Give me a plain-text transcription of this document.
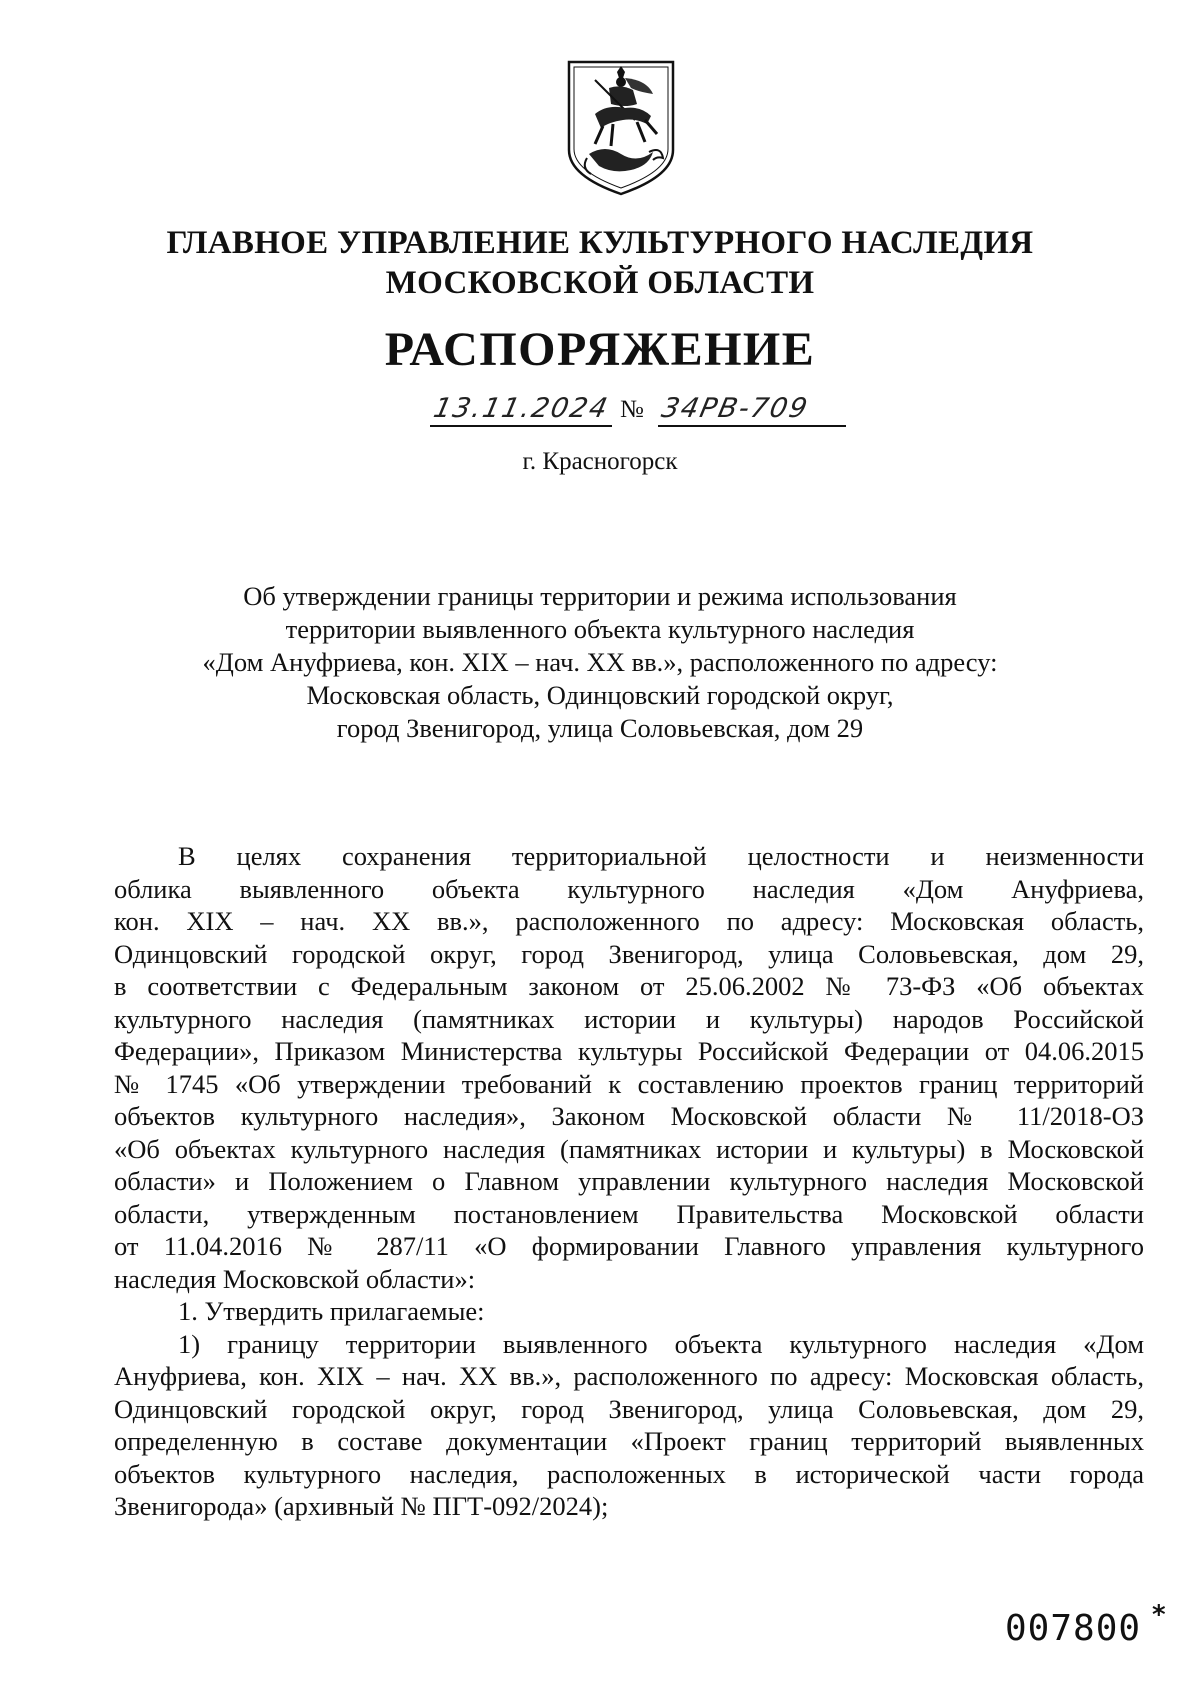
ГЛАВНОЕ УПРАВЛЕНИЕ КУЛЬТУРНОГО НАСЛЕДИЯ
МОСКОВСКОЙ ОБЛАСТИ
РАСПОРЯЖЕНИЕ
13.11.2024 № 34РВ-709
г. Красногорск
Об утверждении границы территории и режима использования
территории выявленного объекта культурного наследия
«Дом Ануфриева, кон. XIX – нач. XX вв.», расположенного по адресу:
Московская область, Одинцовский городской округ,
город Звенигород, улица Соловьевская, дом 29
В целях сохранения территориальной целостности и неизменности
облика выявленного объекта культурного наследия «Дом Ануфриева,
кон. XIX – нач. XX вв.», расположенного по адресу: Московская область,
Одинцовский городской округ, город Звенигород, улица Соловьевская, дом 29,
в соответствии с Федеральным законом от 25.06.2002 № 73-ФЗ «Об объектах
культурного наследия (памятниках истории и культуры) народов Российской
Федерации», Приказом Министерства культуры Российской Федерации от 04.06.2015
№ 1745 «Об утверждении требований к составлению проектов границ территорий
объектов культурного наследия», Законом Московской области № 11/2018-ОЗ
«Об объектах культурного наследия (памятниках истории и культуры) в Московской
области» и Положением о Главном управлении культурного наследия Московской
области, утвержденным постановлением Правительства Московской области
от 11.04.2016 № 287/11 «О формировании Главного управления культурного
наследия Московской области»:
1. Утвердить прилагаемые:
1) границу территории выявленного объекта культурного наследия «Дом
Ануфриева, кон. XIX – нач. XX вв.», расположенного по адресу: Московская область,
Одинцовский городской округ, город Звенигород, улица Соловьевская, дом 29,
определенную в составе документации «Проект границ территорий выявленных
объектов культурного наследия, расположенных в исторической части города
Звенигорода» (архивный № ПГТ-092/2024);
007800 *
